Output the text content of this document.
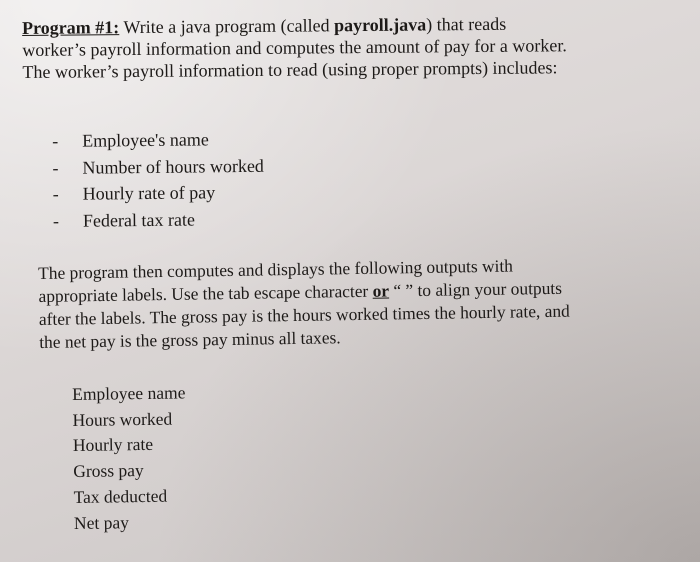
Program #1: Write a java program (called payroll.java) that reads
worker’s payroll information and computes the amount of pay for a worker.
The worker’s payroll information to read (using proper prompts) includes:

- Employee's name
- Number of hours worked
- Hourly rate of pay
- Federal tax rate

The program then computes and displays the following outputs with
appropriate labels. Use the tab escape character or “ ” to align your outputs
after the labels. The gross pay is the hours worked times the hourly rate, and
the net pay is the gross pay minus all taxes.

Employee name
Hours worked
Hourly rate
Gross pay
Tax deducted
Net pay
